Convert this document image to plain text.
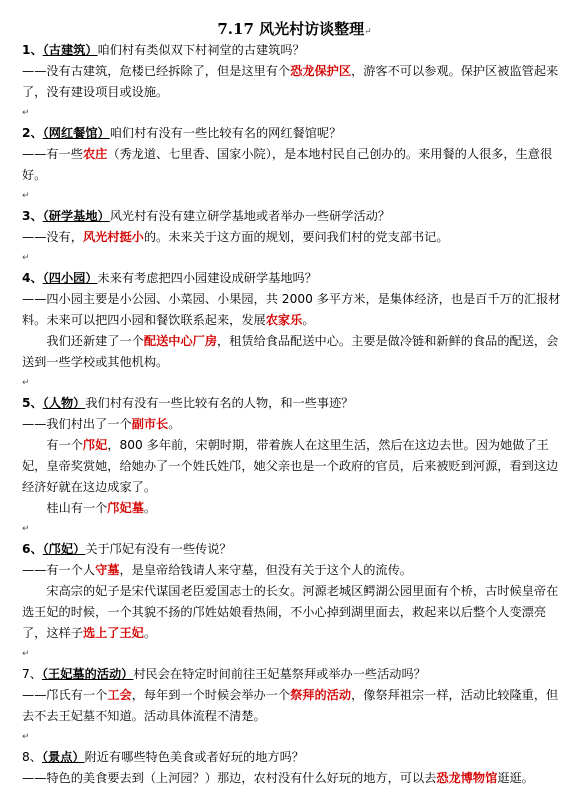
7.17 风光村访谈整理↵

1、（古建筑）咱们村有类似双下村祠堂的古建筑吗？

——没有古建筑，危楼已经拆除了，但是这里有个恐龙保护区，游客不可以参观。保护区被监管起来了，没有建设项目或设施。

↵

2、（网红餐馆）咱们村有没有一些比较有名的网红餐馆呢？

——有一些农庄（秀龙道、七里香、国家小院），是本地村民自己创办的。来用餐的人很多，生意很好。

↵

3、（研学基地）风光村有没有建立研学基地或者举办一些研学活动？

——没有，风光村挺小的。未来关于这方面的规划，要问我们村的党支部书记。

↵

4、（四小园）未来有考虑把四小园建设成研学基地吗？

——四小园主要是小公园、小菜园、小果园，共 2000 多平方米，是集体经济，也是百千万的汇报材料。未来可以把四小园和餐饮联系起来，发展农家乐。

我们还新建了一个配送中心厂房，租赁给食品配送中心。主要是做冷链和新鲜的食品的配送，会送到一些学校或其他机构。

↵

5、（人物）我们村有没有一些比较有名的人物，和一些事迹？

——我们村出了一个副市长。

有一个邝妃，800 多年前，宋朝时期，带着族人在这里生活，然后在这边去世。因为她做了王妃，皇帝奖赏她，给她办了一个姓氏姓邝，她父亲也是一个政府的官员，后来被贬到河源，看到这边经济好就在这边成家了。

桂山有一个邝妃墓。

↵

6、（邝妃）关于邝妃有没有一些传说？

——有一个人守墓，是皇帝给钱请人来守墓，但没有关于这个人的流传。

宋高宗的妃子是宋代谋国老臣爱国志士的长女。河源老城区鳄湖公园里面有个桥，古时候皇帝在选王妃的时候，一个其貌不扬的邝姓姑娘看热闹，不小心掉到湖里面去，救起来以后整个人变漂亮了，这样子选上了王妃。

↵

7、（王妃墓的活动）村民会在特定时间前往王妃墓祭拜或举办一些活动吗？

——邝氏有一个工会，每年到一个时候会举办一个祭拜的活动，像祭拜祖宗一样，活动比较隆重，但去不去王妃墓不知道。活动具体流程不清楚。

↵

8、（景点）附近有哪些特色美食或者好玩的地方吗？

——特色的美食要去到（上河园？）那边，农村没有什么好玩的地方，可以去恐龙博物馆逛逛。
